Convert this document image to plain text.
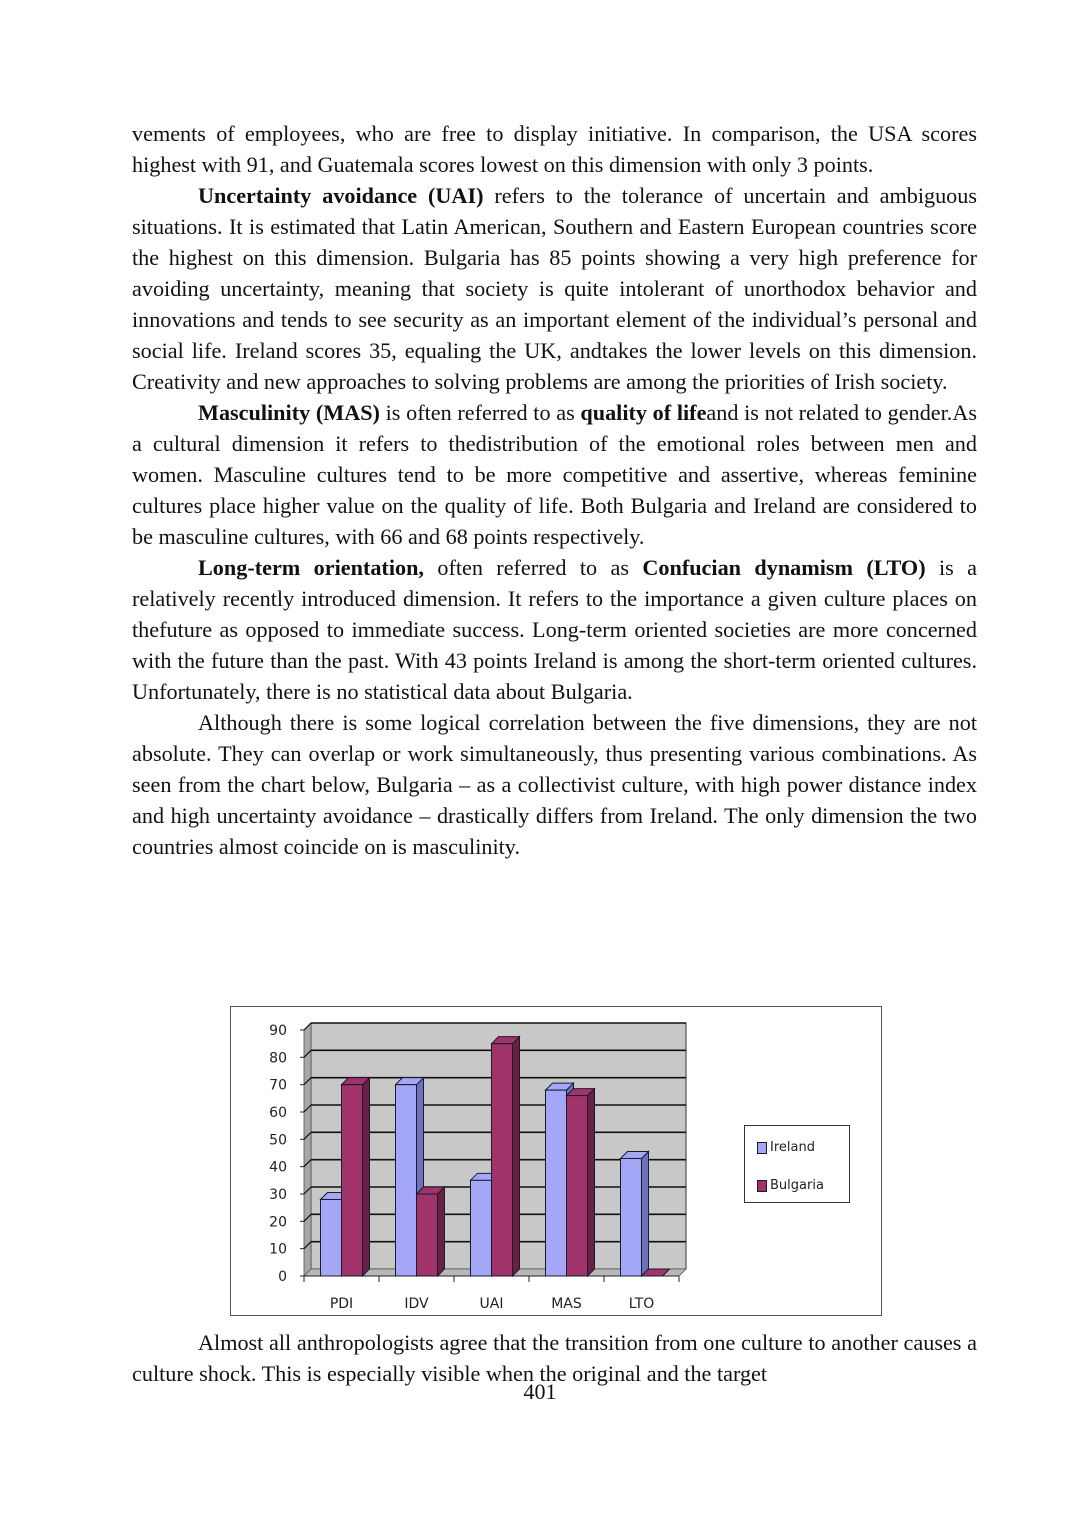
vements of employees, who are free to display initiative. In comparison, the USA scores highest with 91, and Guatemala scores lowest on this dimension with only 3 points.

Uncertainty avoidance (UAI) refers to the tolerance of uncertain and ambiguous situations. It is estimated that Latin American, Southern and Eastern European countries score the highest on this dimension. Bulgaria has 85 points showing a very high preference for avoiding uncertainty, meaning that society is quite intolerant of unorthodox behavior and innovations and tends to see security as an important element of the individual’s personal and social life. Ireland scores 35, equaling the UK, andtakes the lower levels on this dimension. Creativity and new approaches to solving problems are among the priorities of Irish society.

Masculinity (MAS) is often referred to as quality of lifeand is not related to gender.As a cultural dimension it refers to thedistribution of the emotional roles between men and women. Masculine cultures tend to be more competitive and assertive, whereas feminine cultures place higher value on the quality of life. Both Bulgaria and Ireland are considered to be masculine cultures, with 66 and 68 points respectively.

Long-term orientation, often referred to as Confucian dynamism (LTO) is a relatively recently introduced dimension. It refers to the importance a given culture places on thefuture as opposed to immediate success. Long-term oriented societies are more concerned with the future than the past. With 43 points Ireland is among the short-term oriented cultures. Unfortunately, there is no statistical data about Bulgaria.

Although there is some logical correlation between the five dimensions, they are not absolute. They can overlap or work simultaneously, thus presenting various combinations. As seen from the chart below, Bulgaria – as a collectivist culture, with high power distance index and high uncertainty avoidance – drastically differs from Ireland. The only dimension the two countries almost coincide on is masculinity.

0
10
20
30
40
50
60
70
80
90
PDI	IDV	UAI	MAS	LTO
Ireland
Bulgaria

Almost all anthropologists agree that the transition from one culture to another causes a culture shock. This is especially visible when the original and the target

401
